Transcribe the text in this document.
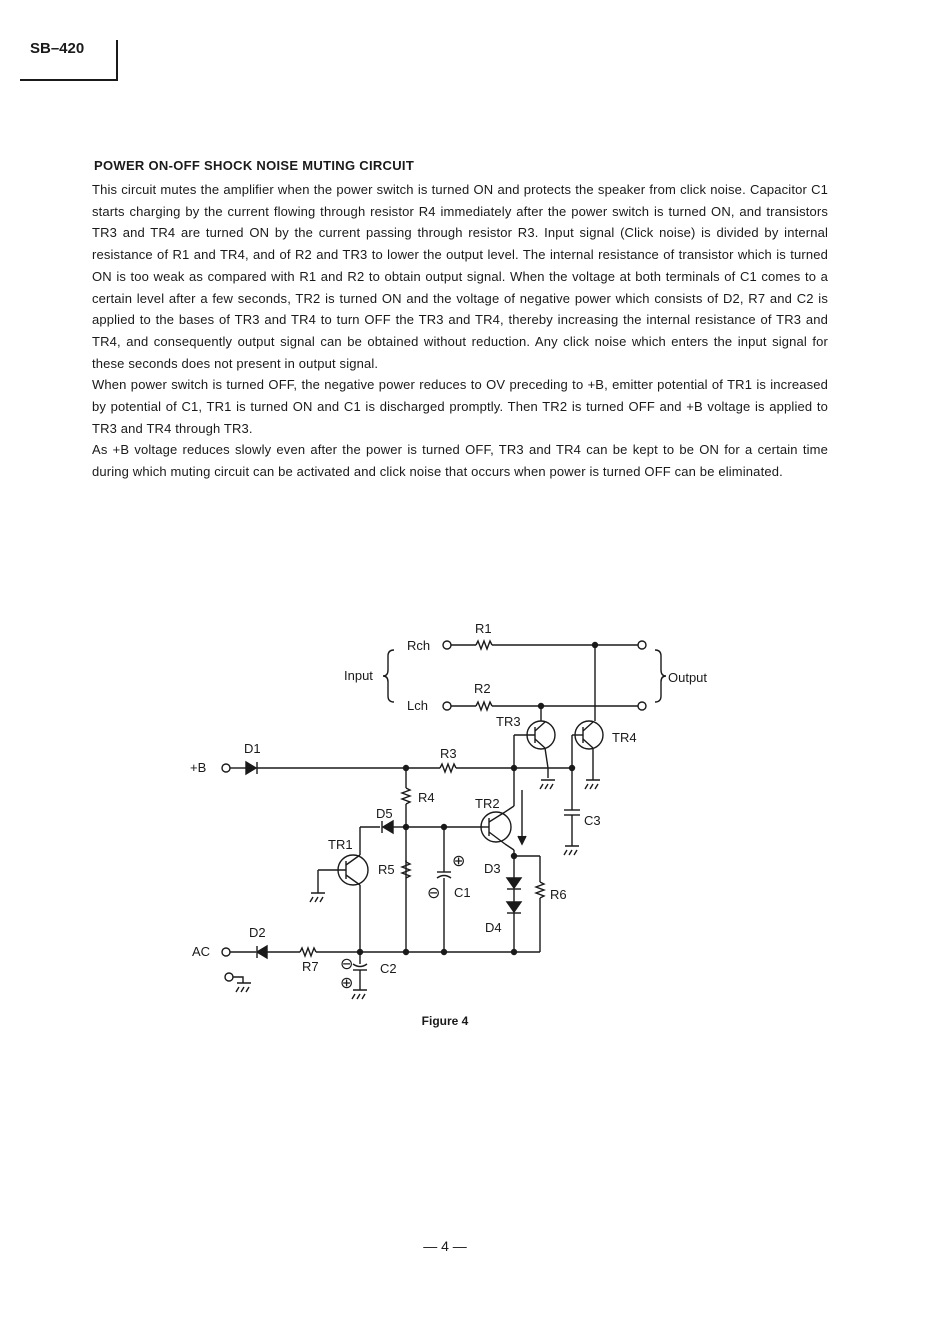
SB–420
POWER ON-OFF SHOCK NOISE MUTING CIRCUIT

This circuit mutes the amplifier when the power switch is turned ON and protects the speaker from click noise. Capacitor C1 starts charging by the current flowing through resistor R4 immediately after the power switch is turned ON, and transistors TR3 and TR4 are turned ON by the current passing through resistor R3. Input signal (Click noise) is divided by internal resistance of R1 and TR4, and of R2 and TR3 to lower the output level. The internal resistance of transistor which is turned ON is too weak as compared with R1 and R2 to obtain output signal. When the voltage at both terminals of C1 comes to a certain level after a few seconds, TR2 is turned ON and the voltage of negative power which consists of D2, R7 and C2 is applied to the bases of TR3 and TR4 to turn OFF the TR3 and TR4, thereby increasing the internal resistance of TR3 and TR4, and consequently output signal can be obtained without reduction. Any click noise which enters the input signal for these seconds does not present in output signal.

When power switch is turned OFF, the negative power reduces to OV preceding to +B, emitter potential of TR1 is increased by potential of C1, TR1 is turned ON and C1 is discharged promptly. Then TR2 is turned OFF and +B voltage is applied to TR3 and TR4 through TR3.

As +B voltage reduces slowly even after the power is turned OFF, TR3 and TR4 can be kept to be ON for a certain time during which muting circuit can be activated and click noise that occurs when power is turned OFF can be eliminated.

R1
Rch
Input
R2
Lch
Output
TR3
TR4
D1
+B
R3
R4	TR2
D5	C3
TR1
R5	⊕ D3
⊖ C1	R6
D2	D4
AC
R7 ⊖ C2
⊕
Figure 4
— 4 —
